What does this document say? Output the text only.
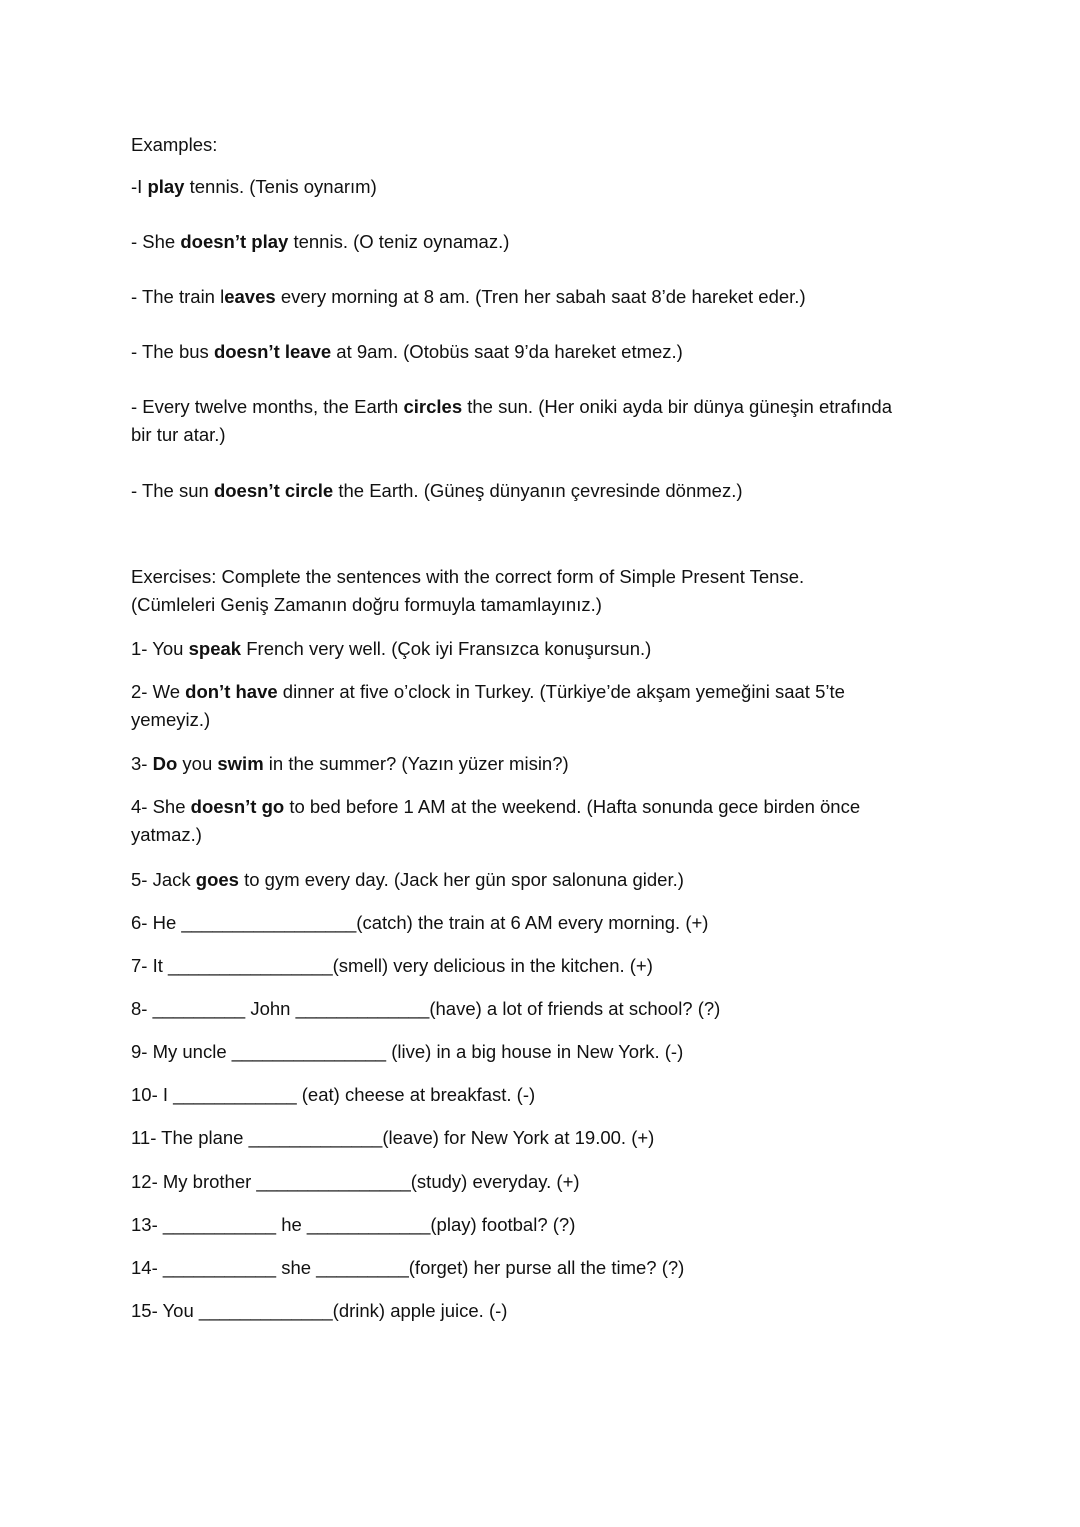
Examples:
-I play tennis. (Tenis oynarım)
- She doesn’t play tennis. (O teniz oynamaz.)
- The train leaves every morning at 8 am. (Tren her sabah saat 8’de hareket eder.)
- The bus doesn’t leave at 9am. (Otobüs saat 9’da hareket etmez.)
- Every twelve months, the Earth circles the sun. (Her oniki ayda bir dünya güneşin etrafında
bir tur atar.)
- The sun doesn’t circle the Earth. (Güneş dünyanın çevresinde dönmez.)
Exercises: Complete the sentences with the correct form of Simple Present Tense.
(Cümleleri Geniş Zamanın doğru formuyla tamamlayınız.)
1- You speak French very well. (Çok iyi Fransızca konuşursun.)
2- We don’t have dinner at five o’clock in Turkey. (Türkiye’de akşam yemeğini saat 5’te
yemeyiz.)
3- Do you swim in the summer? (Yazın yüzer misin?)
4- She doesn’t go to bed before 1 AM at the weekend. (Hafta sonunda gece birden önce
yatmaz.)
5- Jack goes to gym every day. (Jack her gün spor salonuna gider.)
6- He _________________(catch) the train at 6 AM every morning. (+)
7- It ________________(smell) very delicious in the kitchen. (+)
8- _________ John _____________(have) a lot of friends at school? (?)
9- My uncle _______________ (live) in a big house in New York. (-)
10- I ____________ (eat) cheese at breakfast. (-)
11- The plane _____________(leave) for New York at 19.00. (+)
12- My brother _______________(study) everyday. (+)
13- ___________ he ____________(play) footbal? (?)
14- ___________ she _________(forget) her purse all the time? (?)
15- You _____________(drink) apple juice. (-)
